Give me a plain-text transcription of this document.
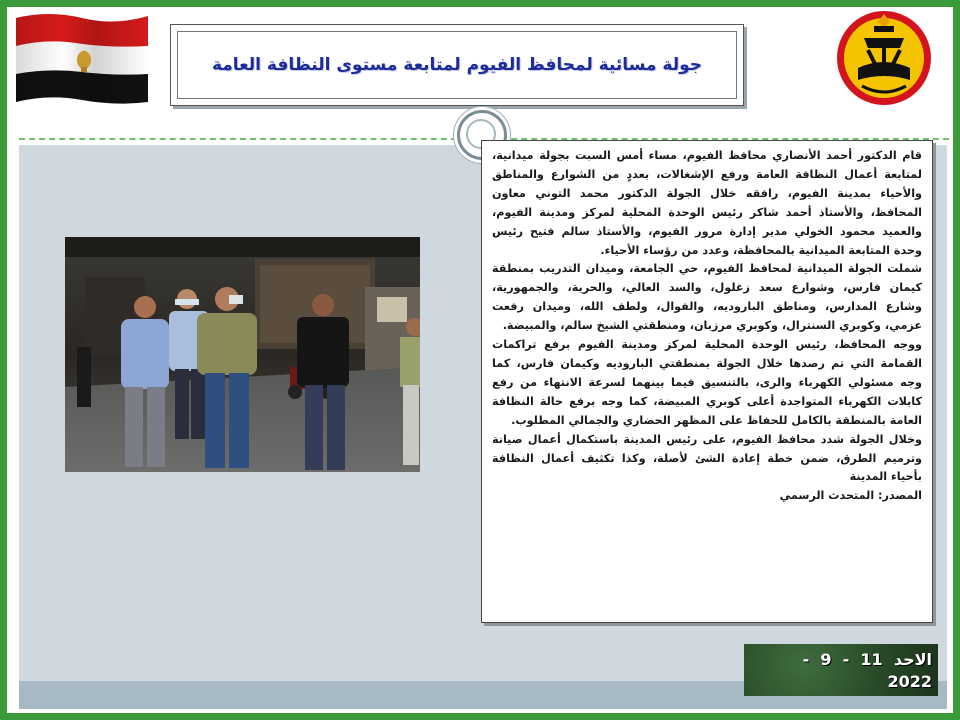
جولة مسائية لمحافظ الفيوم لمتابعة مستوى النظافة العامة

قام الدكتور أحمد الأنصاري محافظ الفيوم، مساء أمس السبت بجولة ميدانية، لمتابعة أعمال النظافة العامة ورفع الإشغالات، بعددٍ من الشوارع والمناطق والأحياء بمدينة الفيوم، رافقه خلال الجولة الدكتور محمد التوني معاون المحافظ، والأستاذ أحمد شاكر رئيس الوحدة المحلية لمركز ومدينة الفيوم، والعميد محمود الخولي مدير إدارة مرور الفيوم، والأستاذ سالم فتيح رئيس وحدة المتابعة الميدانية بالمحافظة، وعدد من رؤساء الأحياء.
شملت الجولة الميدانية لمحافظ الفيوم، حي الجامعة، وميدان التدريب بمنطقة كيمان فارس، وشوارع سعد زغلول، والسد العالي، والحرية، والجمهورية، وشارع المدارس، ومناطق الباروديه، والفوال، ولطف الله، وميدان رفعت عزمي، وكوبري السنترال، وكوبري مرزبان، ومنطقتي الشيخ سالم، والمبيضة.
ووجه المحافظ، رئيس الوحدة المحلية لمركز ومدينة الفيوم برفع تراكمات القمامة التي تم رصدها خلال الجولة بمنطقتي الباروديه وكيمان فارس، كما وجه مسئولي الكهرباء والرى، بالتنسيق فيما بينهما لسرعة الانتهاء من رفع كابلات الكهرباء المتواجدة أعلى كوبري المبيضة، كما وجه برفع حالة النظافة العامة بالمنطقة بالكامل للحفاظ على المظهر الحضاري والجمالي المطلوب.
وخلال الجولة شدد محافظ الفيوم، على رئيس المدينة باستكمال أعمال صيانة وترميم الطرق، ضمن خطة إعادة الشئ لأصلة، وكذا تكثيف أعمال النظافة بأحياء المدينة
المصدر: المتحدث الرسمي

الاحد  11  -  9  -
2022
